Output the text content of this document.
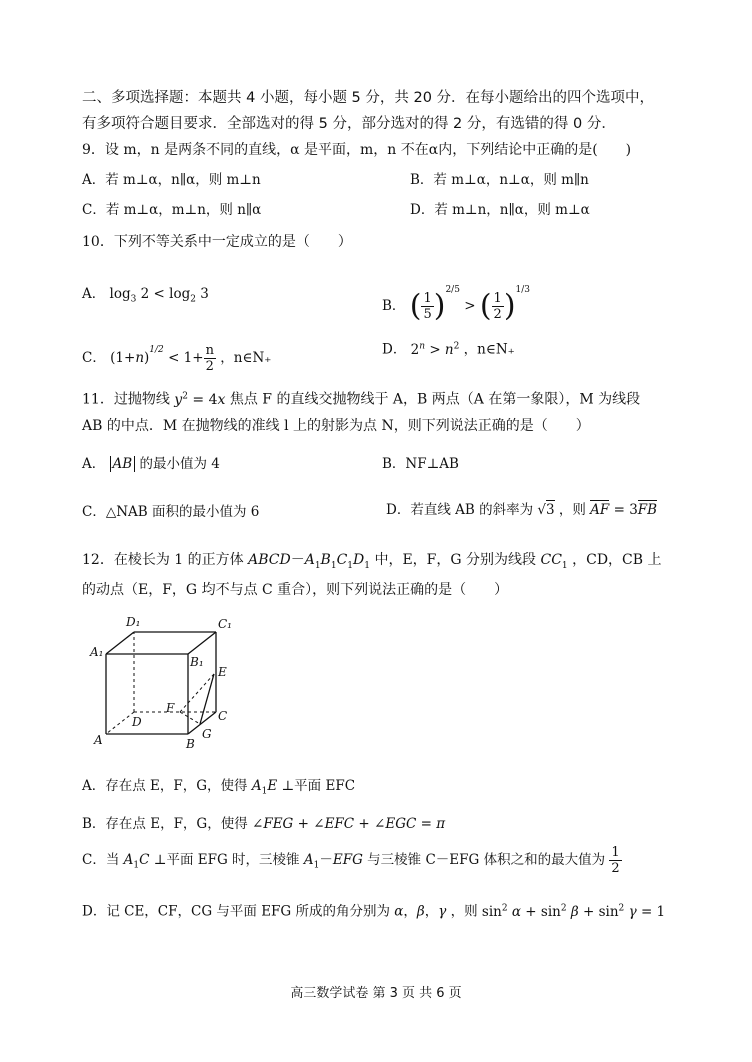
二、多项选择题：本题共 4 小题，每小题 5 分，共 20 分．在每小题给出的四个选项中，
有多项符合题目要求．全部选对的得 5 分，部分选对的得 2 分，有选错的得 0 分．
9．设 m，n 是两条不同的直线，α 是平面，m，n 不在α内，下列结论中正确的是(　　)
A．若 m⊥α，n∥α，则 m⊥n	B．若 m⊥α，n⊥α，则 m∥n
C．若 m⊥α，m⊥n，则 n∥α	D．若 m⊥n，n∥α，则 m⊥α
10．下列不等关系中一定成立的是（　　）
A． $\log_3 2 < \log_2 3$
B． ( $\frac{1}{5} )^{2/5}$ > ( $\frac{1}{2} )^{1/3}$
C． $(1+n)^{1/2} < 1+ \frac{n}{2}$ ，n∈N₊
D． $2^n > n^2$ ，n∈N₊
11．过抛物线 $y^2 = 4x$ 焦点 F 的直线交抛物线于 A，B 两点（A 在第一象限），M 为线段
AB 的中点．M 在抛物线的准线 l 上的射影为点 N，则下列说法正确的是（　　）
A． AB 的最小值为 4	B．NF⊥AB
C．△NAB 面积的最小值为 6	D．若直线 AB 的斜率为 √3 ，则 AF = 3FB
12．在棱长为 1 的正方体 $ABCD-A_1B_1C_1D_1$ 中，E，F，G 分别为线段 $CC_1$ ，CD，CB 上
的动点（E，F，G 均不与点 C 重合），则下列说法正确的是（　　）
D₁	C₁
A₁
B₁
E
F
D	C
A	B
G
A．存在点 E，F，G，使得 $A_1E$ ⊥平面 EFC
B．存在点 E，F，G，使得 ∠FEG + ∠EFC + ∠EGC = π
C．当 $A_1C$ ⊥平面 EFG 时，三棱锥 $A_1-EFG$ 与三棱锥 C－EFG 体积之和的最大值为 $\frac{1}{2}$
D．记 CE，CF，CG 与平面 EFG 所成的角分别为 α，β，γ ，则 $\sin^2 \alpha + \sin^2 \beta + \sin^2 \gamma = 1$
高三数学试卷 第 3 页 共 6 页
